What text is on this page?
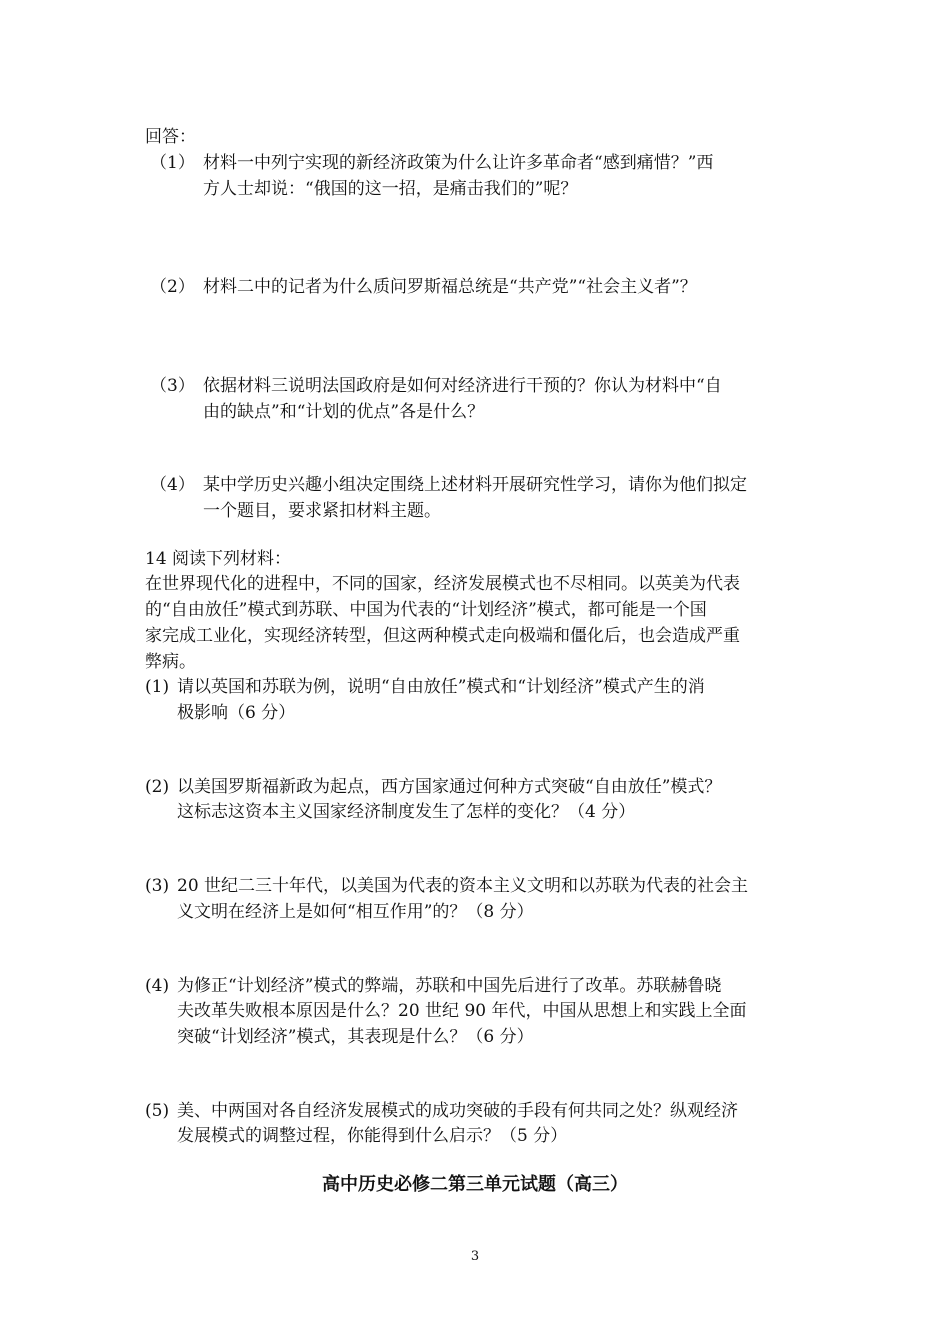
回答：
（1） 材料一中列宁实现的新经济政策为什么让许多革命者“感到痛惜？”西
方人士却说：“俄国的这一招，是痛击我们的”呢？
（2） 材料二中的记者为什么质问罗斯福总统是“共产党”“社会主义者”？
（3） 依据材料三说明法国政府是如何对经济进行干预的？你认为材料中“自
由的缺点”和“计划的优点”各是什么？
（4） 某中学历史兴趣小组决定围绕上述材料开展研究性学习，请你为他们拟定
一个题目，要求紧扣材料主题。
14 阅读下列材料：
在世界现代化的进程中，不同的国家，经济发展模式也不尽相同。以英美为代表
的“自由放任”模式到苏联、中国为代表的“计划经济”模式，都可能是一个国
家完成工业化，实现经济转型，但这两种模式走向极端和僵化后，也会造成严重
弊病。
(1) 请以英国和苏联为例，说明“自由放任”模式和“计划经济”模式产生的消
极影响（6 分）
(2) 以美国罗斯福新政为起点，西方国家通过何种方式突破“自由放任”模式？
这标志这资本主义国家经济制度发生了怎样的变化？（4 分）
(3) 20 世纪二三十年代，以美国为代表的资本主义文明和以苏联为代表的社会主
义文明在经济上是如何“相互作用”的？（8 分）
(4) 为修正“计划经济”模式的弊端，苏联和中国先后进行了改革。苏联赫鲁晓
夫改革失败根本原因是什么？20 世纪 90 年代，中国从思想上和实践上全面
突破“计划经济”模式，其表现是什么？（6 分）
(5) 美、中两国对各自经济发展模式的成功突破的手段有何共同之处？纵观经济
发展模式的调整过程，你能得到什么启示？（5 分）
高中历史必修二第三单元试题（高三）
3
